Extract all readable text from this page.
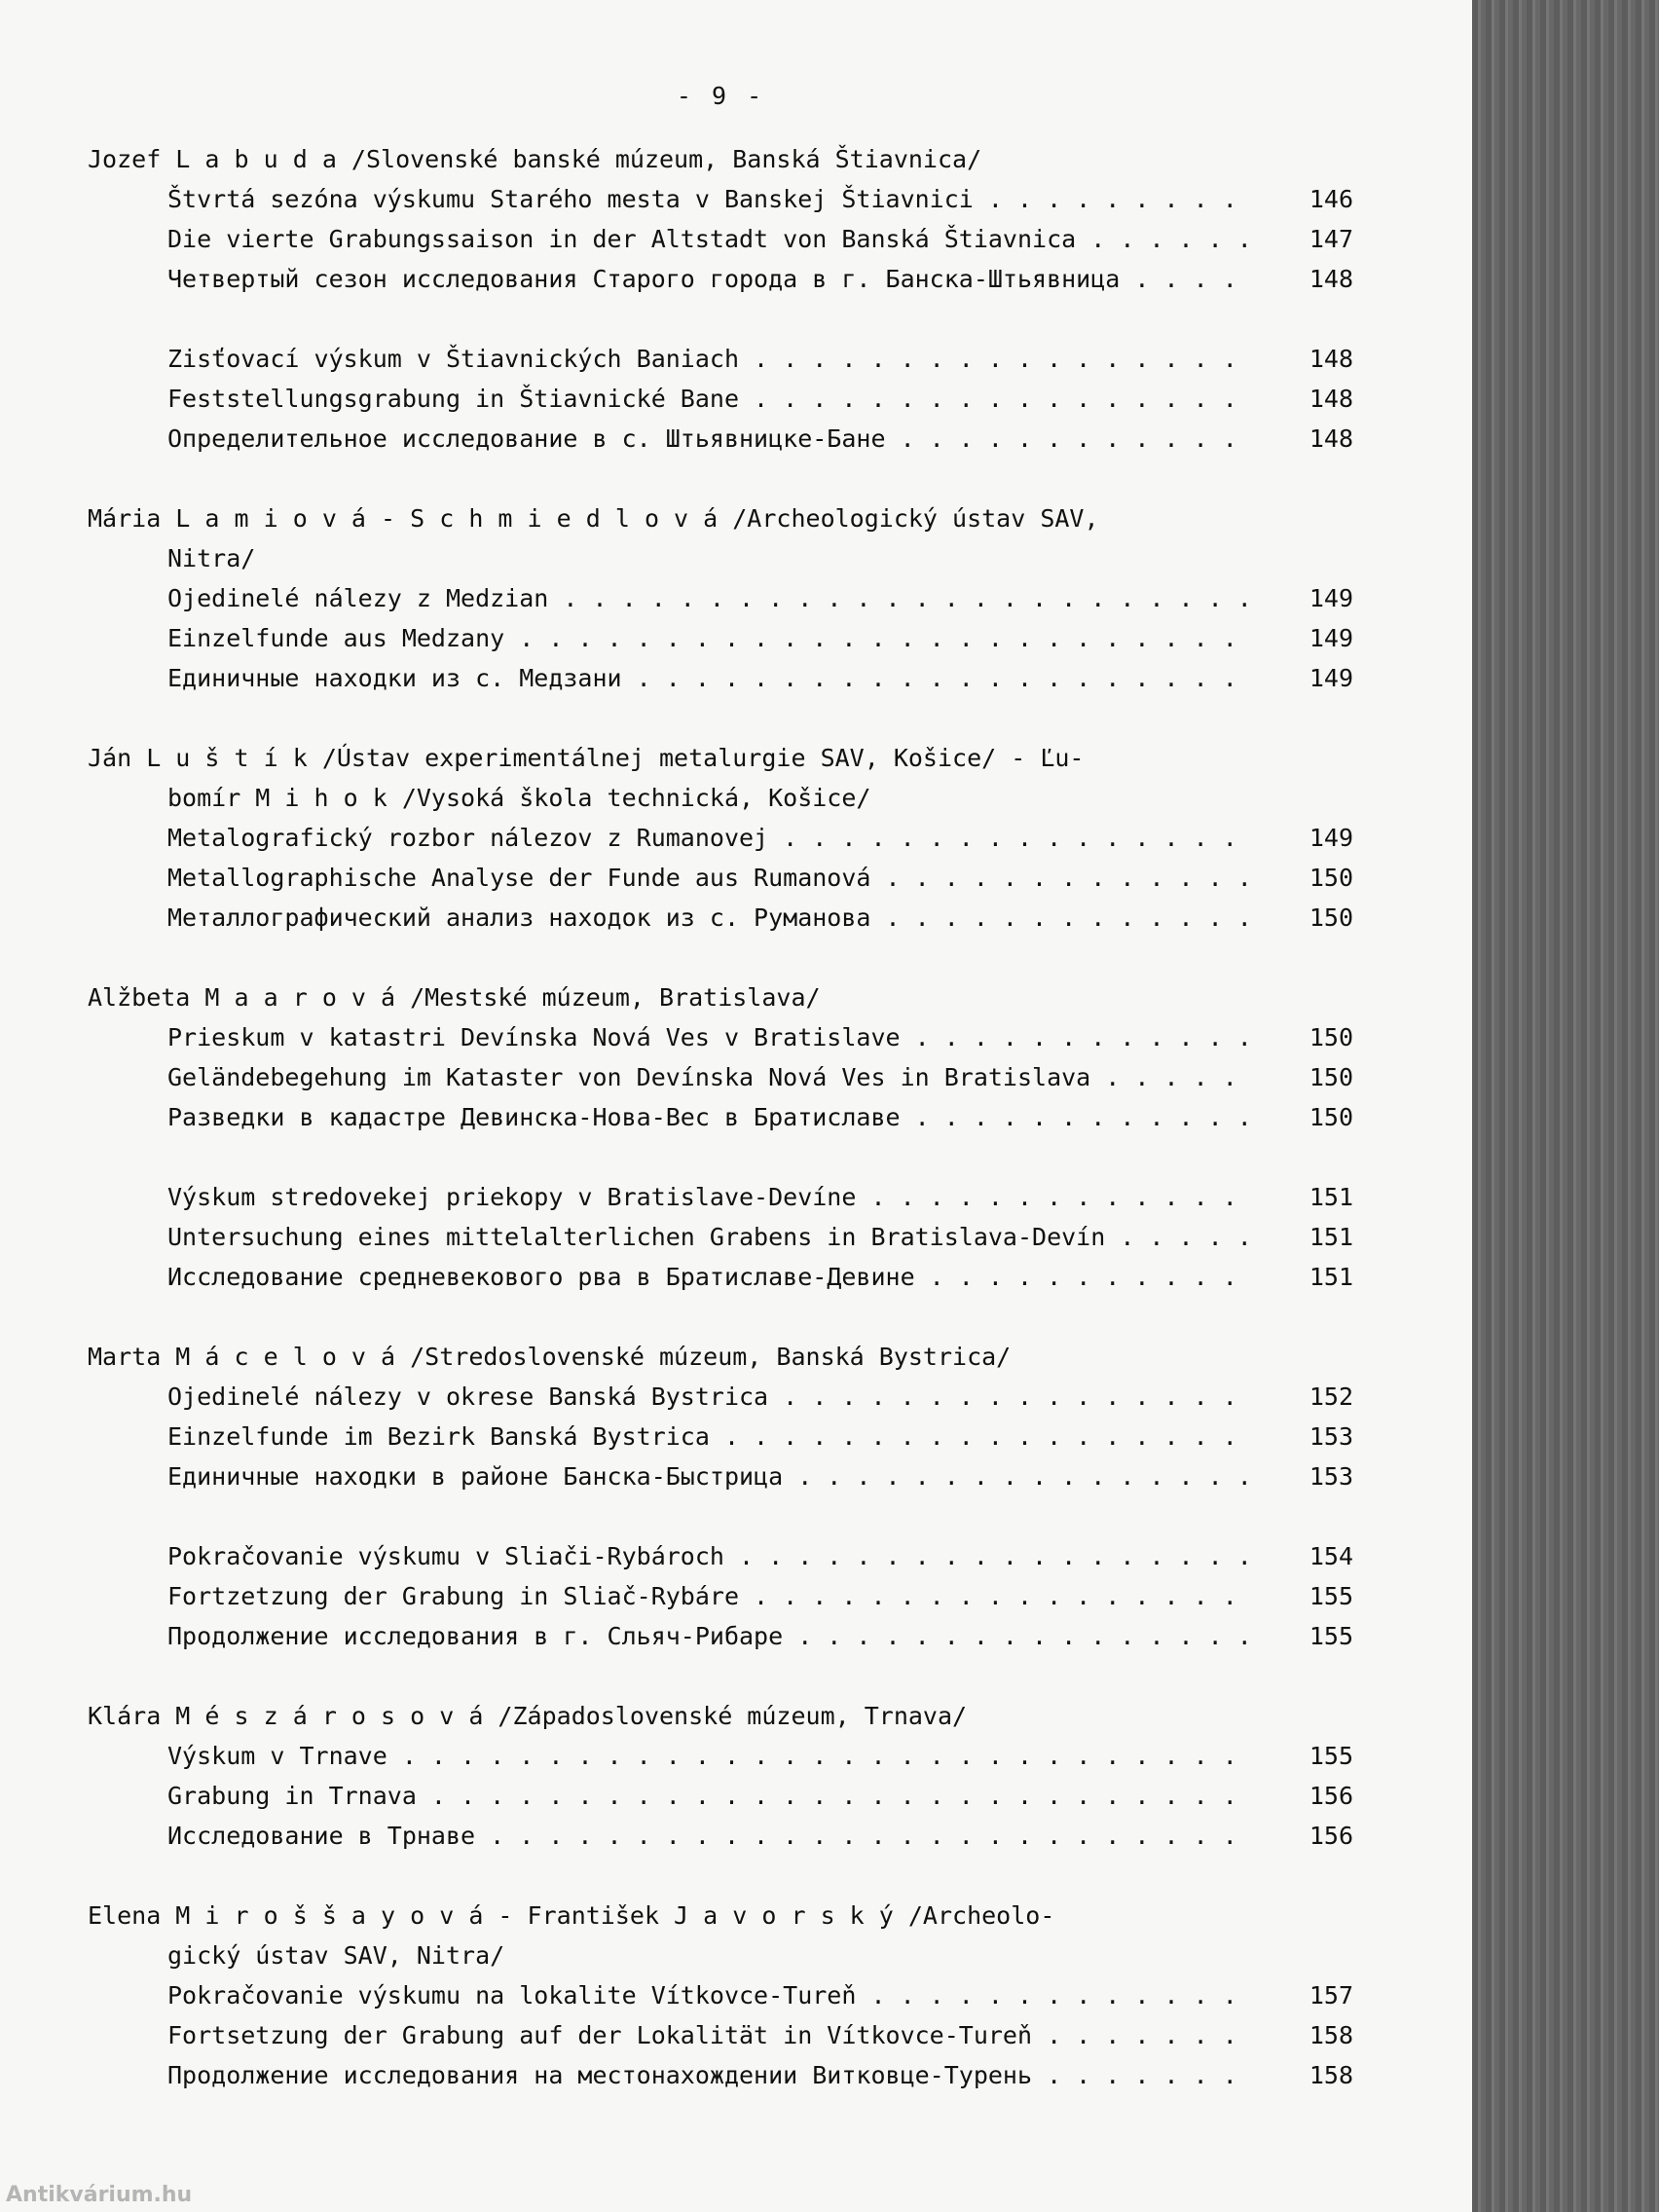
- 9 -
Jozef L a b u d a /Slovenské banské múzeum, Banská Štiavnica/
Štvrtá sezóna výskumu Starého mesta v Banskej Štiavnici . . .	146
Die vierte Grabungssaison in der Altstadt von Banská Štiavnica . . .	147
Четвертый сезон исследования Старого города в г. Банска-Штьявница . . .	148
Zisťovací výskum v Štiavnických Baniach . . .	148
Feststellungsgrabung in Štiavnické Bane . . .	148
Определительное исследование в с. Штьявницке-Бане . . .	148
Mária L a m i o v á - S c h m i e d l o v á /Archeologický ústav SAV,
Nitra/
Ojedinelé nálezy z Medzian . . .	149
Einzelfunde aus Medzany . . .	149
Единичные находки из с. Медзани . . .	149
Ján L u š t í k /Ústav experimentálnej metalurgie SAV, Košice/ - Ľu-
bomír M i h o k /Vysoká škola technická, Košice/
Metalografický rozbor nálezov z Rumanovej . . .	149
Metallographische Analyse der Funde aus Rumanová . . .	150
Металлографический анализ находок из с. Руманова . . .	150
Alžbeta M a a r o v á /Mestské múzeum, Bratislava/
Prieskum v katastri Devínska Nová Ves v Bratislave . . .	150
Geländebegehung im Kataster von Devínska Nová Ves in Bratislava . . .	150
Разведки в кадастре Девинска-Нова-Вес в Братиславе . . .	150
Výskum stredovekej priekopy v Bratislave-Devíne . . .	151
Untersuchung eines mittelalterlichen Grabens in Bratislava-Devín . . .	151
Исследование средневекового рва в Братиславе-Девине . . .	151
Marta M á c e l o v á /Stredoslovenské múzeum, Banská Bystrica/
Ojedinelé nálezy v okrese Banská Bystrica . . .	152
Einzelfunde im Bezirk Banská Bystrica . . .	153
Единичные находки в районе Банска-Быстрица . . .	153
Pokračovanie výskumu v Sliači-Rybároch . . .	154
Fortzetzung der Grabung in Sliač-Rybáre . . .	155
Продолжение исследования в г. Сльяч-Рибаре . . .	155
Klára M é s z á r o s o v á /Západoslovenské múzeum, Trnava/
Výskum v Trnave . . .	155
Grabung in Trnava . . .	156
Исследование в Трнаве . . .	156
Elena M i r o š š a y o v á - František J a v o r s k ý /Archeolo-
gický ústav SAV, Nitra/
Pokračovanie výskumu na lokalite Vítkovce-Tureň . . .	157
Fortsetzung der Grabung auf der Lokalität in Vítkovce-Tureň . . .	158
Продолжение исследования на местонахождении Витковце-Турень . . .	158
Antikvárium.hu
